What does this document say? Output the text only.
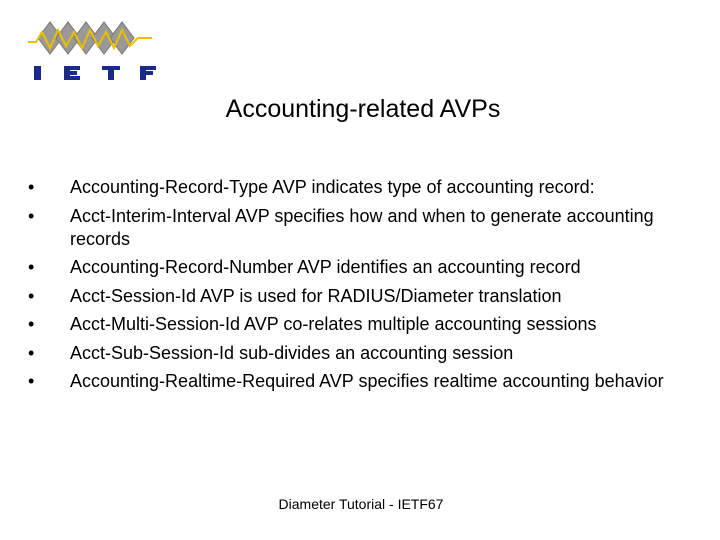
Accounting-related AVPs
•	Accounting-Record-Type AVP indicates type of accounting record:
•	Acct-Interim-Interval AVP specifies how and when to generate accounting records
•	Accounting-Record-Number AVP identifies an accounting record
•	Acct-Session-Id AVP is used for RADIUS/Diameter translation
•	Acct-Multi-Session-Id AVP co-relates multiple accounting sessions
•	Acct-Sub-Session-Id sub-divides an accounting session
•	Accounting-Realtime-Required AVP specifies realtime accounting behavior
Diameter Tutorial - IETF67
